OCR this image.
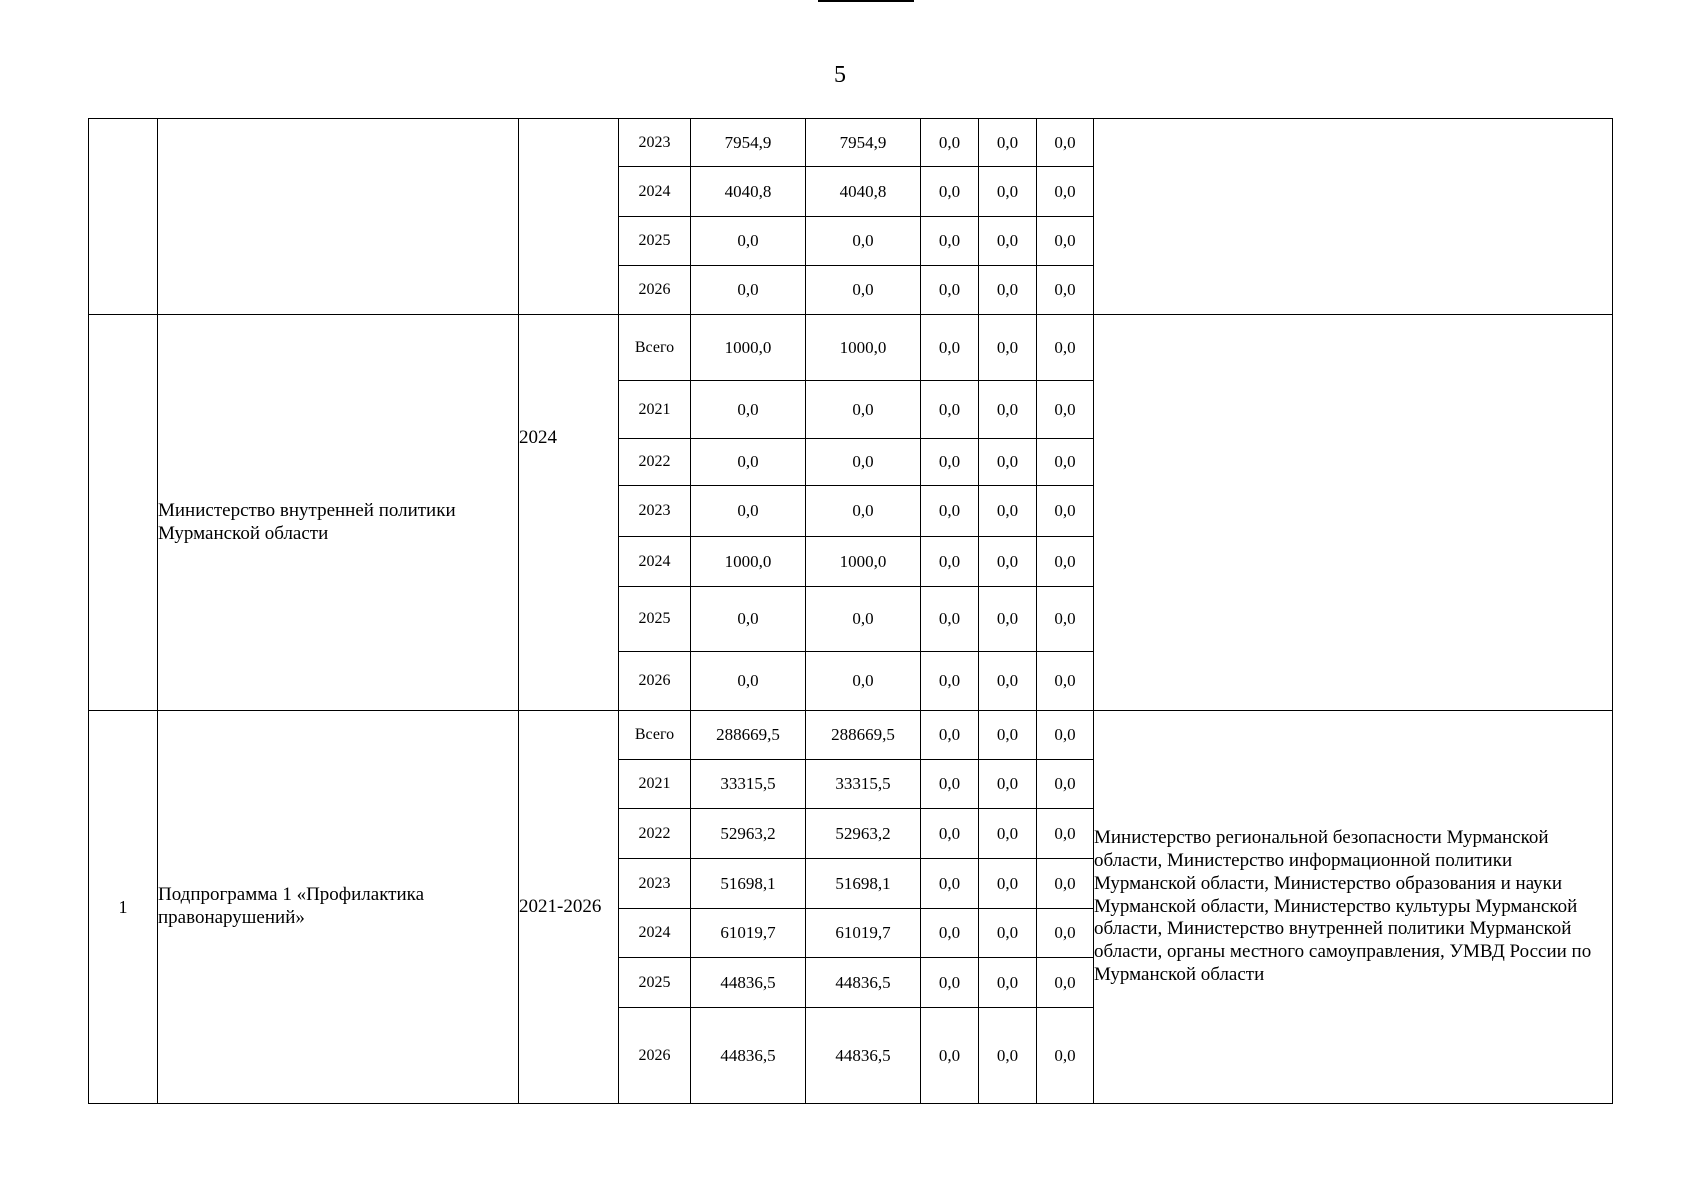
5
			2023	7954,9	7954,9	0,0	0,0	0,0	
			2024	4040,8	4040,8	0,0	0,0	0,0	
			2025	0,0	0,0	0,0	0,0	0,0	
			2026	0,0	0,0	0,0	0,0	0,0	
	Министерство внутренней политики Мурманской области	2024	Всего	1000,0	1000,0	0,0	0,0	0,0	
			2021	0,0	0,0	0,0	0,0	0,0	
			2022	0,0	0,0	0,0	0,0	0,0	
			2023	0,0	0,0	0,0	0,0	0,0	
			2024	1000,0	1000,0	0,0	0,0	0,0	
			2025	0,0	0,0	0,0	0,0	0,0	
			2026	0,0	0,0	0,0	0,0	0,0	
1	Подпрограмма 1 «Профилактика правонарушений»	2021-2026	Всего	288669,5	288669,5	0,0	0,0	0,0	Министерство региональной безопасности Мурманской области, Министерство информационной политики Мурманской области, Министерство образования и науки Мурманской области, Министерство культуры Мурманской области, Министерство внутренней политики Мурманской области, органы местного самоуправления, УМВД России по Мурманской области
			2021	33315,5	33315,5	0,0	0,0	0,0	
			2022	52963,2	52963,2	0,0	0,0	0,0	
			2023	51698,1	51698,1	0,0	0,0	0,0	
			2024	61019,7	61019,7	0,0	0,0	0,0	
			2025	44836,5	44836,5	0,0	0,0	0,0	
			2026	44836,5	44836,5	0,0	0,0	0,0	
